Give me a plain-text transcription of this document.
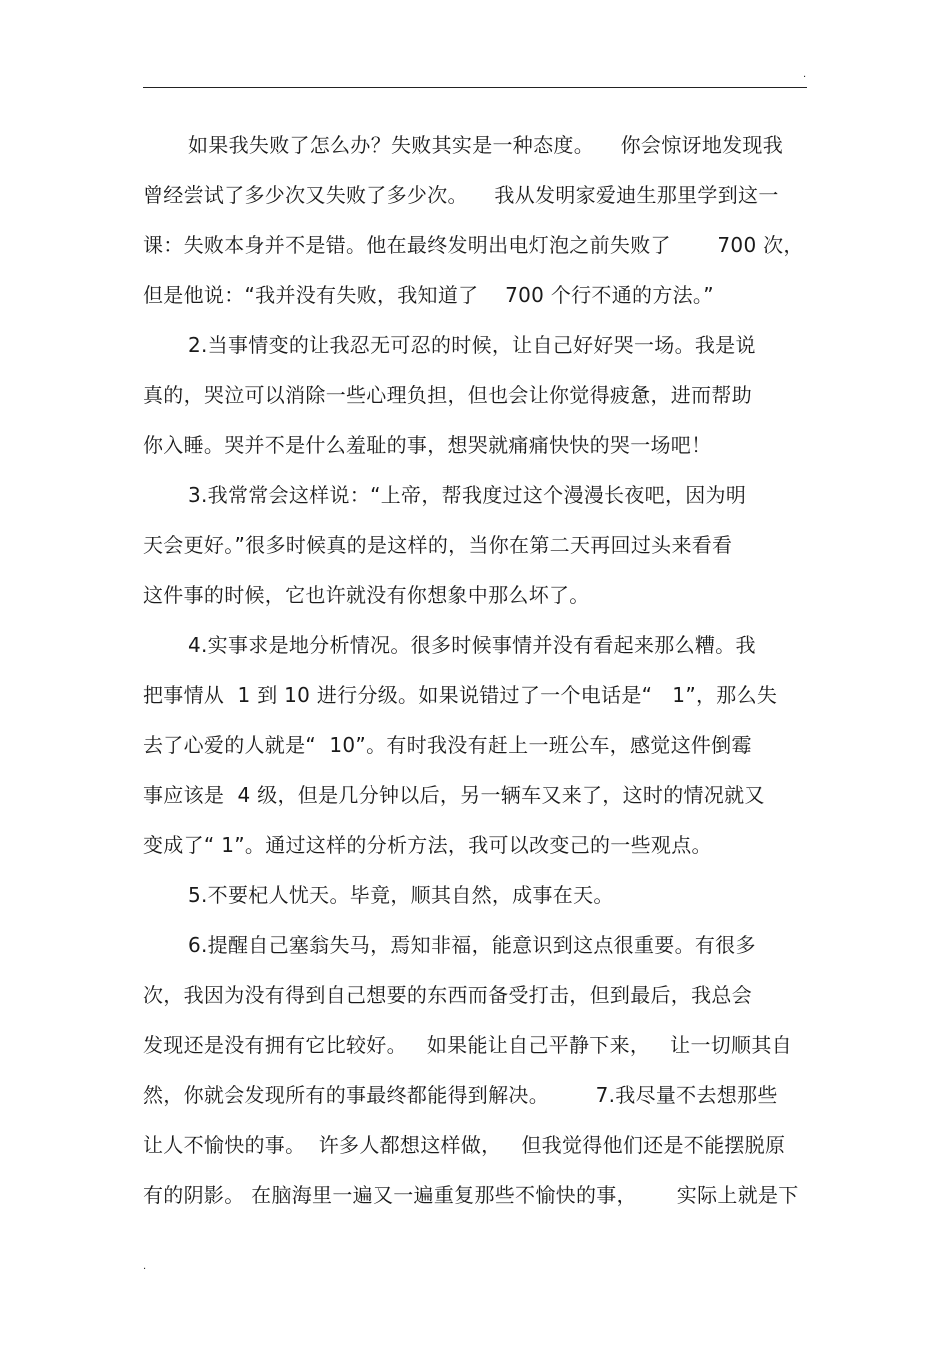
.
如果我失败了怎么办？失败其实是一种态度。    你会惊讶地发现我
曾经尝试了多少次又失败了多少次。    我从发明家爱迪生那里学到这一
课：失败本身并不是错。他在最终发明出电灯泡之前失败了       700 次，
但是他说：“我并没有失败，我知道了    700 个行不通的方法。”
2.当事情变的让我忍无可忍的时候，让自己好好哭一场。我是说
真的，哭泣可以消除一些心理负担，但也会让你觉得疲惫，进而帮助
你入睡。哭并不是什么羞耻的事，想哭就痛痛快快的哭一场吧！
3.我常常会这样说：“上帝，帮我度过这个漫漫长夜吧，因为明
天会更好。”很多时候真的是这样的，当你在第二天再回过头来看看
这件事的时候，它也许就没有你想象中那么坏了。
4.实事求是地分析情况。很多时候事情并没有看起来那么糟。我
把事情从  1 到 10 进行分级。如果说错过了一个电话是“   1”，那么失
去了心爱的人就是“  10”。有时我没有赶上一班公车，感觉这件倒霉
事应该是  4 级，但是几分钟以后，另一辆车又来了，这时的情况就又
变成了“ 1”。通过这样的分析方法，我可以改变己的一些观点。
5.不要杞人忧天。毕竟，顺其自然，成事在天。
6.提醒自己塞翁失马，焉知非福，能意识到这点很重要。有很多
次，我因为没有得到自己想要的东西而备受打击，但到最后，我总会
发现还是没有拥有它比较好。   如果能让自己平静下来，   让一切顺其自
然，你就会发现所有的事最终都能得到解决。       7.我尽量不去想那些
让人不愉快的事。  许多人都想这样做，   但我觉得他们还是不能摆脱原
有的阴影。 在脑海里一遍又一遍重复那些不愉快的事，      实际上就是下
.
